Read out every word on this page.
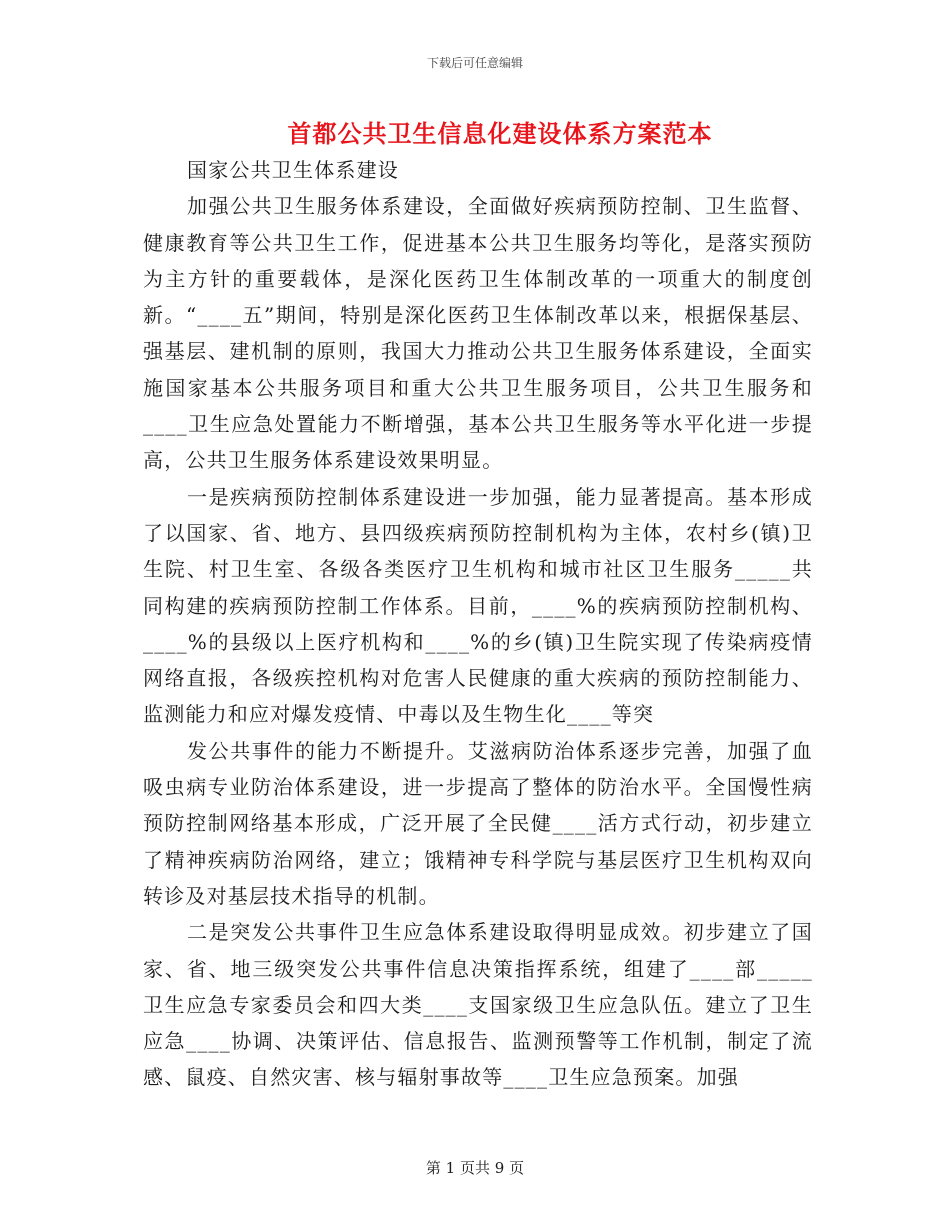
下载后可任意编辑
首都公共卫生信息化建设体系方案范本

国家公共卫生体系建设

加强公共卫生服务体系建设，全面做好疾病预防控制、卫生监督、健康教育等公共卫生工作，促进基本公共卫生服务均等化，是落实预防为主方针的重要载体，是深化医药卫生体制改革的一项重大的制度创新。“____五”期间，特别是深化医药卫生体制改革以来，根据保基层、强基层、建机制的原则，我国大力推动公共卫生服务体系建设，全面实施国家基本公共服务项目和重大公共卫生服务项目，公共卫生服务和____卫生应急处置能力不断增强，基本公共卫生服务等水平化进一步提高，公共卫生服务体系建设效果明显。

一是疾病预防控制体系建设进一步加强，能力显著提高。基本形成了以国家、省、地方、县四级疾病预防控制机构为主体，农村乡(镇)卫生院、村卫生室、各级各类医疗卫生机构和城市社区卫生服务_____共同构建的疾病预防控制工作体系。目前，____%的疾病预防控制机构、____%的县级以上医疗机构和____%的乡(镇)卫生院实现了传染病疫情网络直报，各级疾控机构对危害人民健康的重大疾病的预防控制能力、监测能力和应对爆发疫情、中毒以及生物生化____等突

发公共事件的能力不断提升。艾滋病防治体系逐步完善，加强了血吸虫病专业防治体系建设，进一步提高了整体的防治水平。全国慢性病预防控制网络基本形成，广泛开展了全民健____活方式行动，初步建立了精神疾病防治网络，建立；饿精神专科学院与基层医疗卫生机构双向转诊及对基层技术指导的机制。

二是突发公共事件卫生应急体系建设取得明显成效。初步建立了国家、省、地三级突发公共事件信息决策指挥系统，组建了____部_____卫生应急专家委员会和四大类____支国家级卫生应急队伍。建立了卫生应急____协调、决策评估、信息报告、监测预警等工作机制，制定了流感、鼠疫、自然灾害、核与辐射事故等____卫生应急预案。加强

第 1 页共 9 页
